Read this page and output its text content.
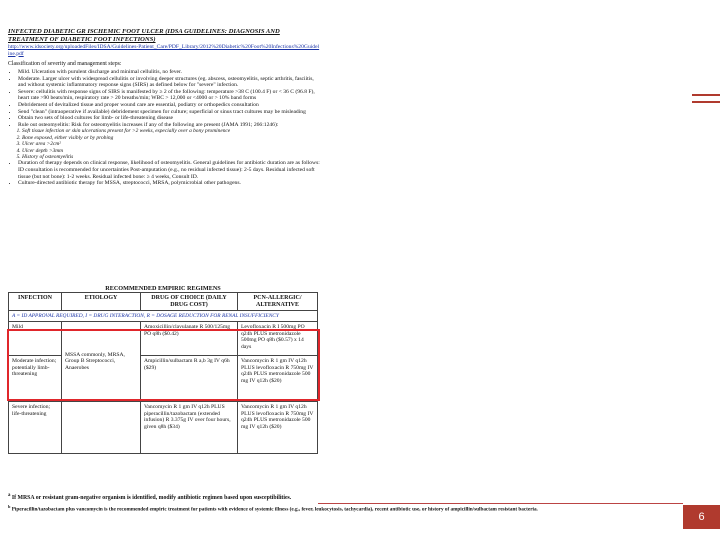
INFECTED DIABETIC GR ISCHEMIC FOOT ULCER (IDSA GUIDELINES: DIAGNOSIS AND TREATMENT OF DIABETIC FOOT INFECTIONS)
http://www.idsociety.org/uploadedFiles/IDSA/Guidelines-Patient_Care/PDF_Library/2012%20Diabetic%20Foot%20Infections%20Guideline.pdf

Classification of severity and management steps:

• Mild. Ulceration with purulent discharge and minimal cellulitis, no fever.
• Moderate. Larger ulcer with widespread cellulitis or involving deeper structures (eg. abscess, osteomyelitis, septic arthritis, fasciitis, and without systemic inflammatory response signs (SIRS) as defined below for "severe" infection.
• Severe: cellulitis with response signs of SIRS is manifested by ≥ 2 of the following: temperature >38 C (100.4 F) or < 36 C (96.8 F), heart rate >90 beats/min, respiratory rate > 20 breaths/min; WBC > 12,000 or <4000 or > 10% band forms
• Debridement of devitalized tissue and proper wound care are essential, podiatry or orthopedics consultation
• Send "clean" (intraoperative if available) debridement specimen for culture; superficial or sinus tract cultures may be misleading
• Obtain two sets of blood cultures for limb- or life-threatening disease
• Rule out osteomyelitis: Risk for osteomyelitis increases if any of the following are present (JAMA 1991; 266:1246):
1. Soft tissue infection or skin ulcerations present for >2 weeks, especially over a bony prominence
2. Bone exposed, either visibly or by probing
3. Ulcer area >2cm²
4. Ulcer depth >3mm
5. History of osteomyelitis
• Duration of therapy depends on clinical response, likelihood of osteomyelitis. General guidelines for antibiotic duration are as follows: ID consultation is recommended for uncertainties Post-amputation (e.g., no residual infected tissue): 2-5 days. Residual infected soft tissue (but not bone): 1-2 weeks. Residual infected bone: ≥ 4 weeks, Consult ID.
• Culture-directed antibiotic therapy for MSSA, streptococci, MRSA, polymicrobial other pathogens.
RECOMMENDED EMPIRIC REGIMENS
INFECTION	ETIOLOGY	DRUG OF CHOICE (DAILY DRUG COST)	PCN-ALLERGIC/ ALTERNATIVE
A = ID APPROVAL REQUIRED, I = DRUG INTERACTION, R = DOSAGE REDUCTION FOR RENAL INSUFFICIENCY			
Mild	MSSA commonly, MRSA, Group B Streptococci, Anaerobes	Amoxicillin/clavulanate R 500/125mg PO q8h ($0.42)	Levofloxacin R I 500mg PO q24h PLUS metronidazole 500mg PO q8h ($0.57) x 14 days
Moderate infection; potentially limb-threatening		Ampicillin/sulbactam R a,b 3g IV q6h ($29)	Vancomycin R 1 gm IV q12h PLUS levofloxacin R 750mg IV q24h PLUS metronidazole 500 mg IV q12h ($20)
Severe infection; life-threatening		Vancomycin R 1 gm IV q12h PLUS piperacillin/tazobactam (extended infusion) R 3.375g IV over four hours, given q8h ($34)	Vancomycin R 1 gm IV q12h PLUS levofloxacin R 750mg IV q24h PLUS metronidazole 500 mg IV q12h ($20)
$^a$ If MRSA or resistant gram-negative organism is identified, modify antibiotic regimen based upon susceptibilities.
$^b$ Piperacillin/tazobactam plus vancomycin is the recommended empiric treatment for patients with evidence of systemic illness (e.g., fever, leukocytosis, tachycardia), recent antibiotic use, or history of ampicillin/sulbactam resistant bacteria.
6
